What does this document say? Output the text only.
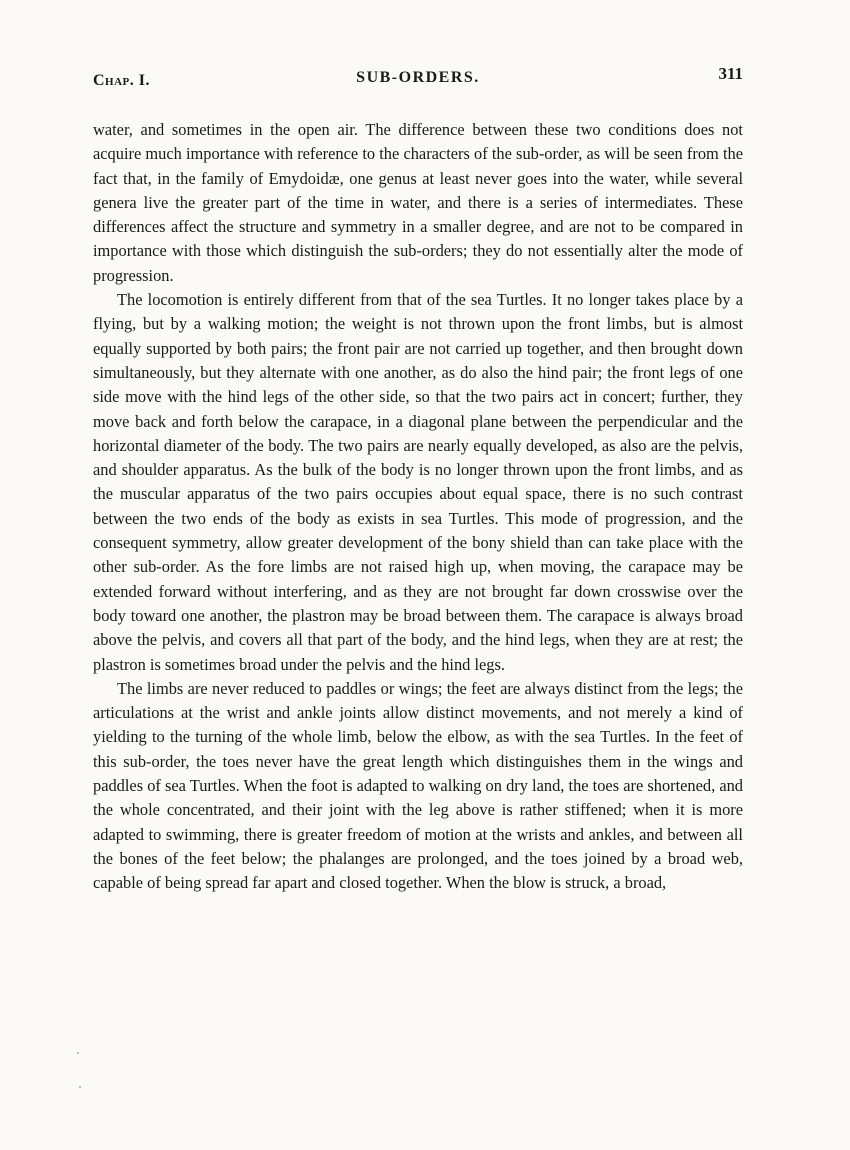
Chap. I.	SUB-ORDERS.	311

water, and sometimes in the open air. The difference between these two conditions does not acquire much importance with reference to the characters of the sub-order, as will be seen from the fact that, in the family of Emydoidæ, one genus at least never goes into the water, while several genera live the greater part of the time in water, and there is a series of intermediates. These differences affect the structure and symmetry in a smaller degree, and are not to be compared in importance with those which distinguish the sub-orders; they do not essentially alter the mode of progression.

The locomotion is entirely different from that of the sea Turtles. It no longer takes place by a flying, but by a walking motion; the weight is not thrown upon the front limbs, but is almost equally supported by both pairs; the front pair are not carried up together, and then brought down simultaneously, but they alternate with one another, as do also the hind pair; the front legs of one side move with the hind legs of the other side, so that the two pairs act in concert; further, they move back and forth below the carapace, in a diagonal plane between the perpendicular and the horizontal diameter of the body. The two pairs are nearly equally developed, as also are the pelvis, and shoulder apparatus. As the bulk of the body is no longer thrown upon the front limbs, and as the muscular apparatus of the two pairs occupies about equal space, there is no such contrast between the two ends of the body as exists in sea Turtles. This mode of progression, and the consequent symmetry, allow greater development of the bony shield than can take place with the other sub-order. As the fore limbs are not raised high up, when moving, the carapace may be extended forward without interfering, and as they are not brought far down crosswise over the body toward one another, the plastron may be broad between them. The carapace is always broad above the pelvis, and covers all that part of the body, and the hind legs, when they are at rest; the plastron is sometimes broad under the pelvis and the hind legs.

The limbs are never reduced to paddles or wings; the feet are always distinct from the legs; the articulations at the wrist and ankle joints allow distinct movements, and not merely a kind of yielding to the turning of the whole limb, below the elbow, as with the sea Turtles. In the feet of this sub-order, the toes never have the great length which distinguishes them in the wings and paddles of sea Turtles. When the foot is adapted to walking on dry land, the toes are shortened, and the whole concentrated, and their joint with the leg above is rather stiffened; when it is more adapted to swimming, there is greater freedom of motion at the wrists and ankles, and between all the bones of the feet below; the phalanges are prolonged, and the toes joined by a broad web, capable of being spread far apart and closed together. When the blow is struck, a broad,
